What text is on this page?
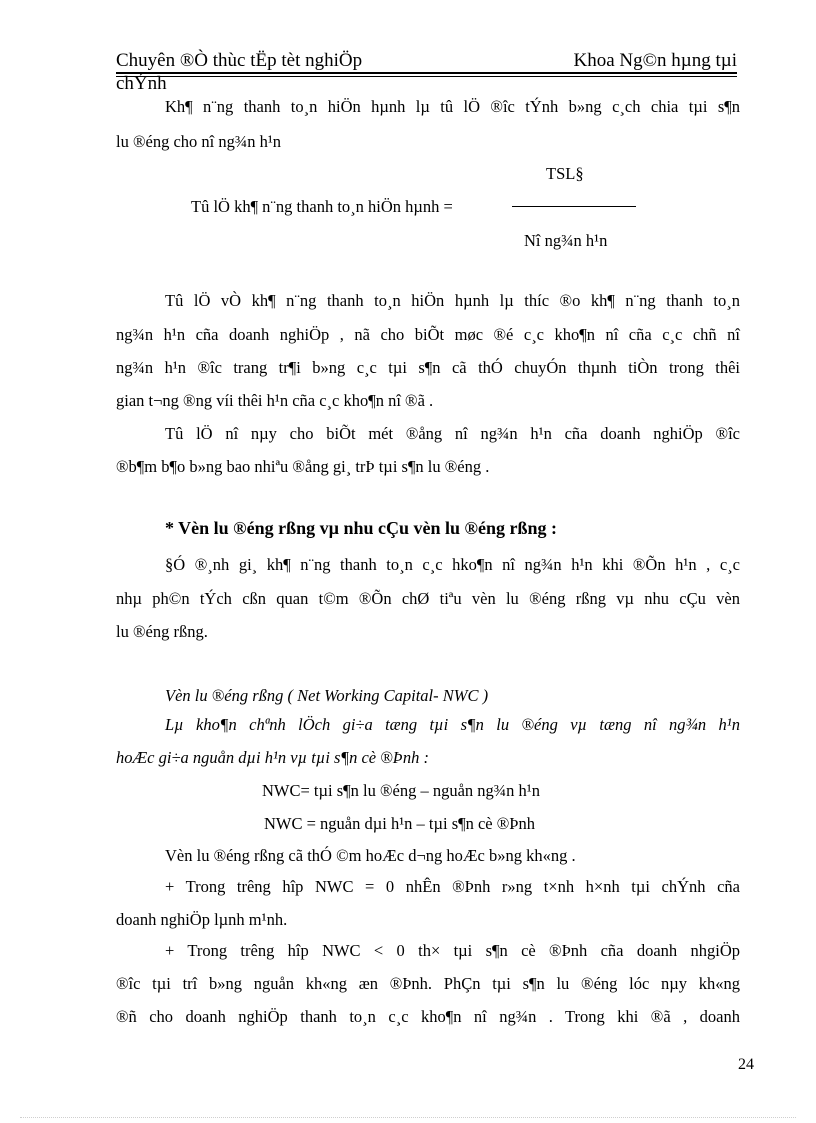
Chuyên ®Ò thùc tËp tèt nghiÖp	Khoa Ng©n hµng tµi
chÝnh
Kh¶ n¨ng thanh to¸n hiÖn hµnh lµ tû lÖ ®îc tÝnh b»ng c¸ch chia tµi s¶n
lu ®éng cho nî ng¾n h¹n
TSL§
Tû lÖ kh¶ n¨ng thanh to¸n hiÖn hµnh =
Nî ng¾n h¹n
Tû lÖ vÒ kh¶ n¨ng thanh to¸n hiÖn hµnh lµ thíc ®o kh¶ n¨ng thanh to¸n
ng¾n h¹n cña doanh nghiÖp , nã cho biÕt møc ®é c¸c kho¶n nî cña c¸c chñ nî
ng¾n h¹n ®îc trang tr¶i b»ng c¸c tµi s¶n cã thÓ chuyÓn thµnh tiÒn trong thêi
gian t¬ng ®ng víi thêi h¹n cña c¸c kho¶n nî ®ã .
Tû lÖ nî nµy cho biÕt mét ®ång nî ng¾n h¹n cña doanh nghiÖp ®îc
®b¶m b¶o b»ng bao nhiªu ®ång gi¸ trÞ tµi s¶n lu ®éng .
* Vèn lu ®éng rßng vµ nhu cÇu vèn lu ®éng rßng :
§Ó ®¸nh gi¸ kh¶ n¨ng thanh to¸n c¸c hko¶n nî ng¾n h¹n khi ®Õn h¹n , c¸c
nhµ ph©n tÝch cßn quan t©m ®Õn chØ tiªu vèn lu ®éng rßng vµ nhu cÇu vèn
lu ®éng rßng.
Vèn lu ®éng rßng ( Net Working Capital- NWC )
Lµ kho¶n chªnh lÖch gi÷a tæng tµi s¶n lu ®éng vµ tæng nî ng¾n h¹n
hoÆc gi÷a nguån dµi h¹n vµ tµi s¶n cè ®Þnh :
NWC= tµi s¶n lu ®éng – nguån ng¾n h¹n
NWC = nguån dµi h¹n – tµi s¶n cè ®Þnh
Vèn lu ®éng rßng cã thÓ ©m hoÆc d¬ng hoÆc b»ng kh«ng .
+ Trong trêng hîp NWC = 0 nhÊn ®Þnh r»ng t×nh h×nh tµi chÝnh cña
doanh nghiÖp lµnh m¹nh.
+ Trong trêng hîp NWC < 0 th× tµi s¶n cè ®Þnh cña doanh nhgiÖp
®îc tµi trî b»ng nguån kh«ng æn ®Þnh. PhÇn tµi s¶n lu ®éng lóc nµy kh«ng
®ñ cho doanh nghiÖp thanh to¸n c¸c kho¶n nî ng¾n . Trong khi ®ã , doanh
24
